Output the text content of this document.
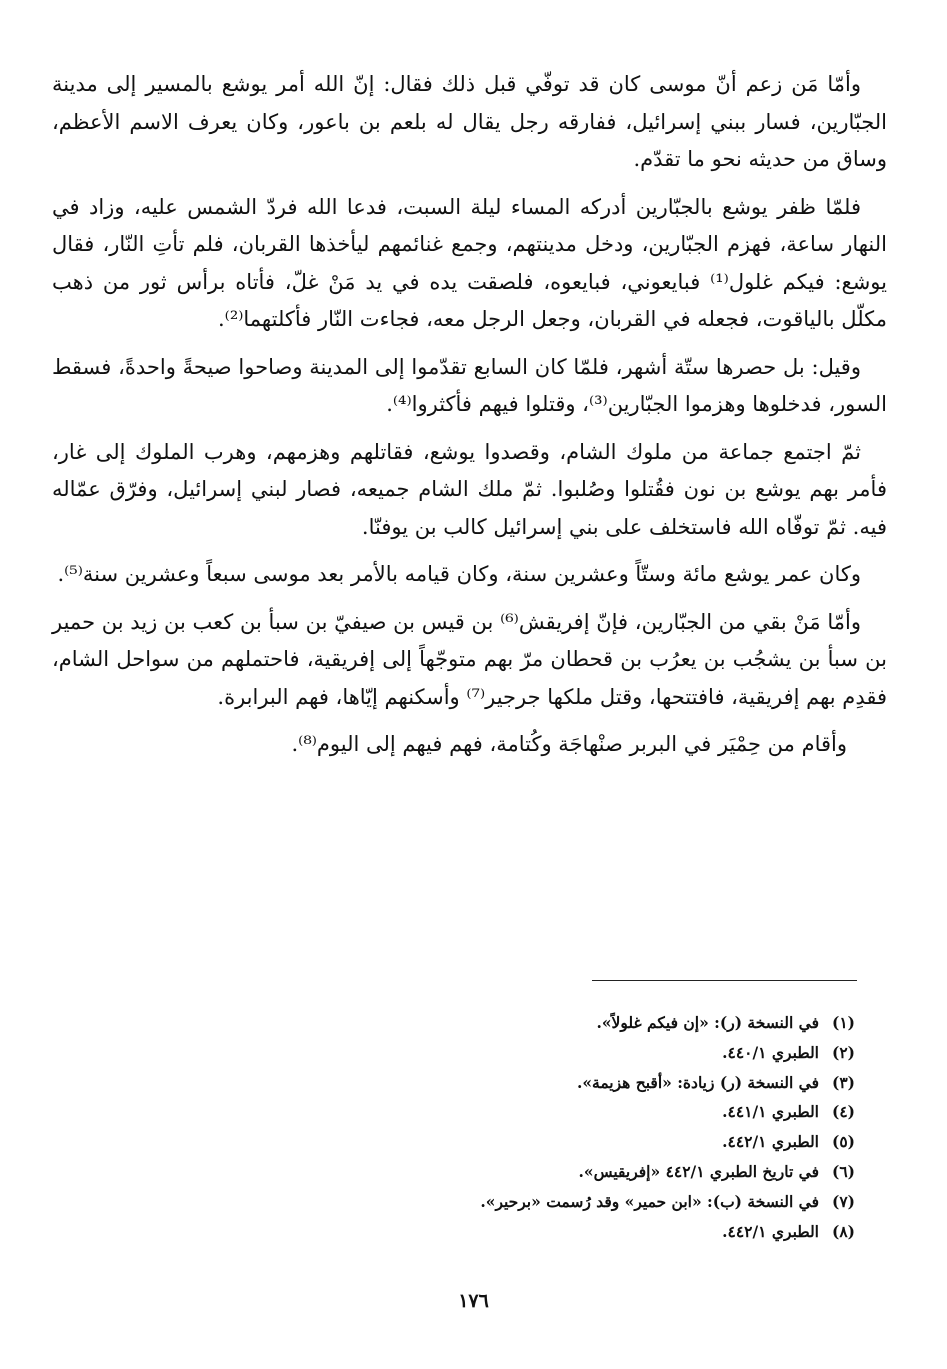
وأمّا مَن زعم أنّ موسى كان قد توفّي قبل ذلك فقال: إنّ الله أمر يوشع بالمسير إلى مدينة الجبّارين، فسار ببني إسرائيل، ففارقه رجل يقال له بلعم بن باعور، وكان يعرف الاسم الأعظم، وساق من حديثه نحو ما تقدّم.

فلمّا ظفر يوشع بالجبّارين أدركه المساء ليلة السبت، فدعا الله فردّ الشمس عليه، وزاد في النهار ساعة، فهزم الجبّارين، ودخل مدينتهم، وجمع غنائمهم ليأخذها القربان، فلم تأتِ النّار، فقال يوشع: فيكم غلول⁽¹⁾ فبايعوني، فبايعوه، فلصقت يده في يد مَنْ غلّ، فأتاه برأس ثور من ذهب مكلّل بالياقوت، فجعله في القربان، وجعل الرجل معه، فجاءت النّار فأكلتهما⁽²⁾.

وقيل: بل حصرها ستّة أشهر، فلمّا كان السابع تقدّموا إلى المدينة وصاحوا صيحةً واحدةً، فسقط السور، فدخلوها وهزموا الجبّارين⁽³⁾، وقتلوا فيهم فأكثروا⁽⁴⁾.

ثمّ اجتمع جماعة من ملوك الشام، وقصدوا يوشع، فقاتلهم وهزمهم، وهرب الملوك إلى غار، فأمر بهم يوشع بن نون فقُتلوا وصُلبوا. ثمّ ملك الشام جميعه، فصار لبني إسرائيل، وفرّق عمّاله فيه. ثمّ توفّاه الله فاستخلف على بني إسرائيل كالب بن يوفنّا.

وكان عمر يوشع مائة وستّاً وعشرين سنة، وكان قيامه بالأمر بعد موسى سبعاً وعشرين سنة⁽⁵⁾.

وأمّا مَنْ بقي من الجبّارين، فإنّ إفريقش⁽⁶⁾ بن قيس بن صيفيّ بن سبأ بن كعب بن زيد بن حمير بن سبأ بن يشجُب بن يعرُب بن قحطان مرّ بهم متوجّهاً إلى إفريقية، فاحتملهم من سواحل الشام، فقدِم بهم إفريقية، فافتتحها، وقتل ملكها جرجير⁽⁷⁾ وأسكنهم إيّاها، فهم البرابرة.

وأقام من حِمْيَر في البربر صنْهاجَة وكُتامة، فهم فيهم إلى اليوم⁽⁸⁾.

(١)في النسخة (ر): «إن فيكم غلولاً».
(٢)الطبري ٤٤٠/١.
(٣)في النسخة (ر) زيادة: «أقبح هزيمة».
(٤)الطبري ٤٤١/١.
(٥)الطبري ٤٤٢/١.
(٦)في تاريخ الطبري ٤٤٢/١ «إفريقيس».
(٧)في النسخة (ب): «ابن حمير» وقد رُسمت «برحير».
(٨)الطبري ٤٤٢/١.
١٧٦
